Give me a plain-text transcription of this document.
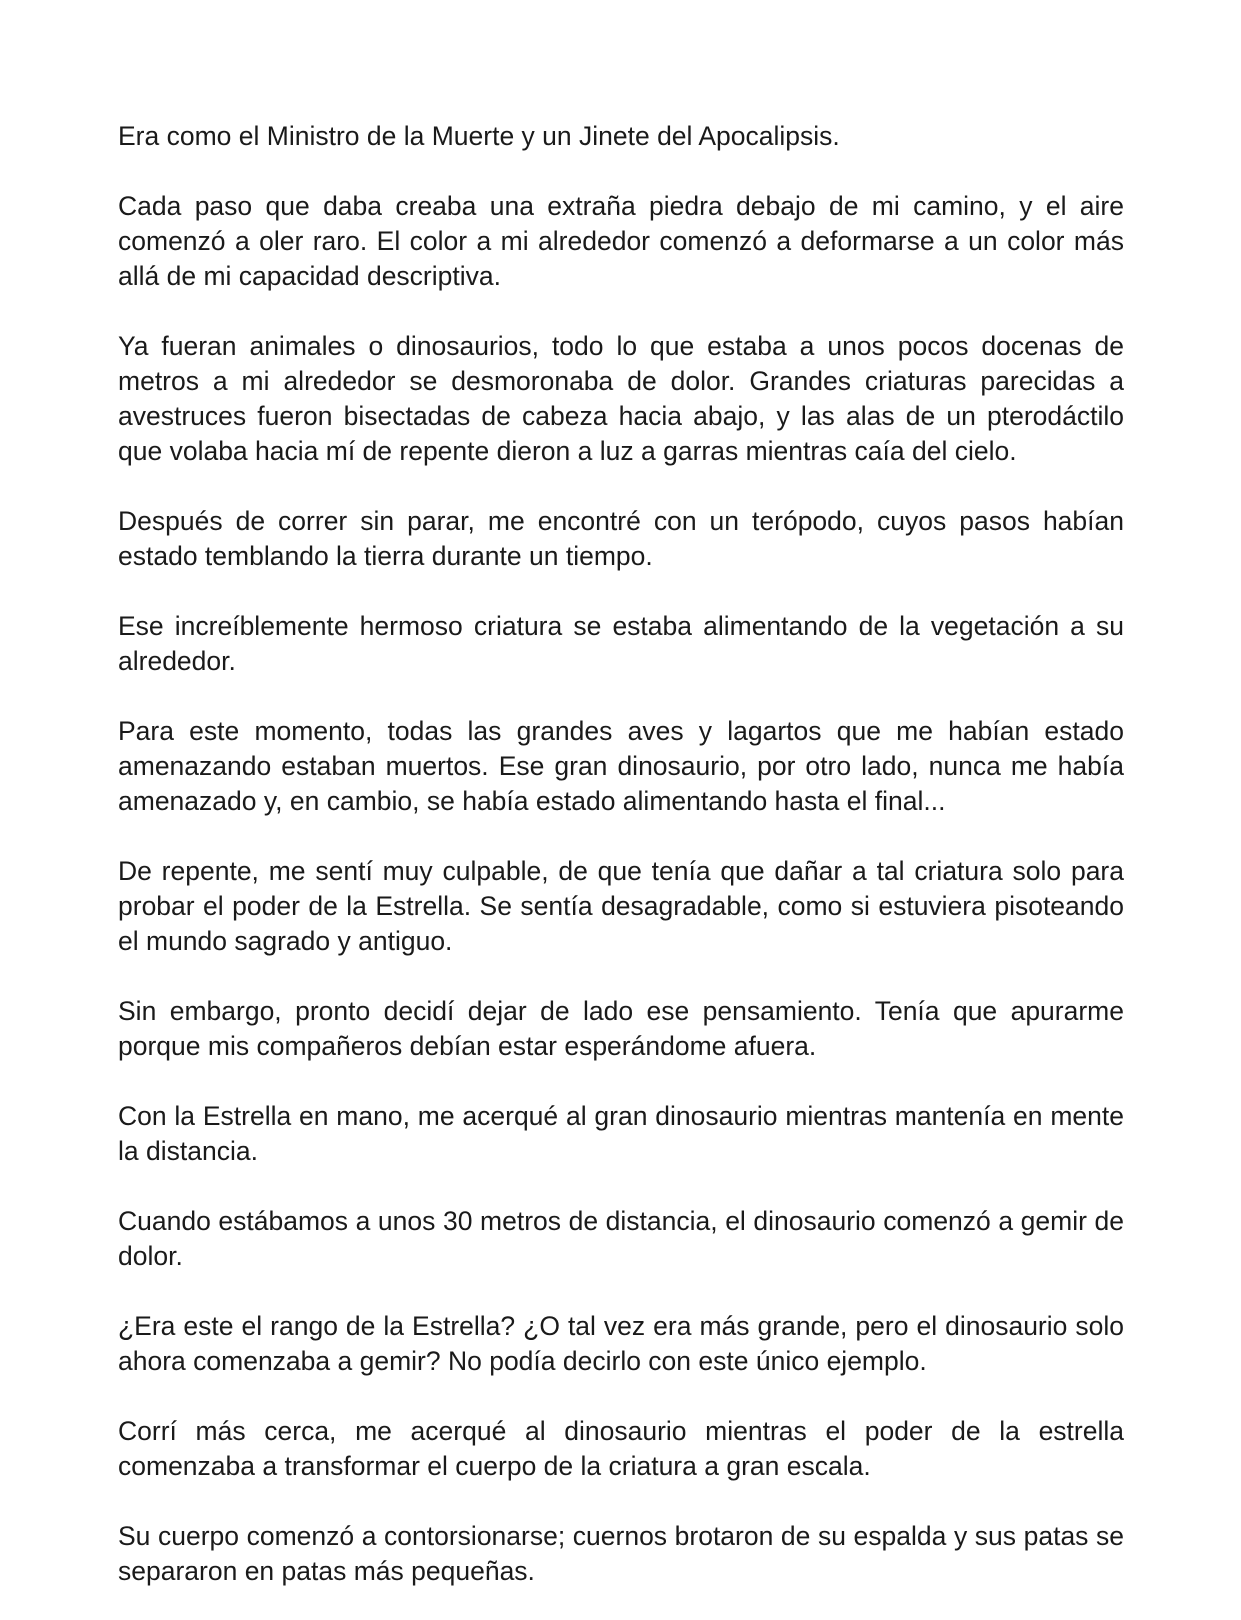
Era como el Ministro de la Muerte y un Jinete del Apocalipsis.

Cada paso que daba creaba una extraña piedra debajo de mi camino, y el aire comenzó a oler raro. El color a mi alrededor comenzó a deformarse a un color más allá de mi capacidad descriptiva.

Ya fueran animales o dinosaurios, todo lo que estaba a unos pocos docenas de metros a mi alrededor se desmoronaba de dolor. Grandes criaturas parecidas a avestruces fueron bisectadas de cabeza hacia abajo, y las alas de un pterodáctilo que volaba hacia mí de repente dieron a luz a garras mientras caía del cielo.

Después de correr sin parar, me encontré con un terópodo, cuyos pasos habían estado temblando la tierra durante un tiempo.

Ese increíblemente hermoso criatura se estaba alimentando de la vegetación a su alrededor.

Para este momento, todas las grandes aves y lagartos que me habían estado amenazando estaban muertos. Ese gran dinosaurio, por otro lado, nunca me había amenazado y, en cambio, se había estado alimentando hasta el final...

De repente, me sentí muy culpable, de que tenía que dañar a tal criatura solo para probar el poder de la Estrella. Se sentía desagradable, como si estuviera pisoteando el mundo sagrado y antiguo.

Sin embargo, pronto decidí dejar de lado ese pensamiento. Tenía que apurarme porque mis compañeros debían estar esperándome afuera.

Con la Estrella en mano, me acerqué al gran dinosaurio mientras mantenía en mente la distancia.

Cuando estábamos a unos 30 metros de distancia, el dinosaurio comenzó a gemir de dolor.

¿Era este el rango de la Estrella? ¿O tal vez era más grande, pero el dinosaurio solo ahora comenzaba a gemir? No podía decirlo con este único ejemplo.

Corrí más cerca, me acerqué al dinosaurio mientras el poder de la estrella comenzaba a transformar el cuerpo de la criatura a gran escala.

Su cuerpo comenzó a contorsionarse; cuernos brotaron de su espalda y sus patas se separaron en patas más pequeñas.
